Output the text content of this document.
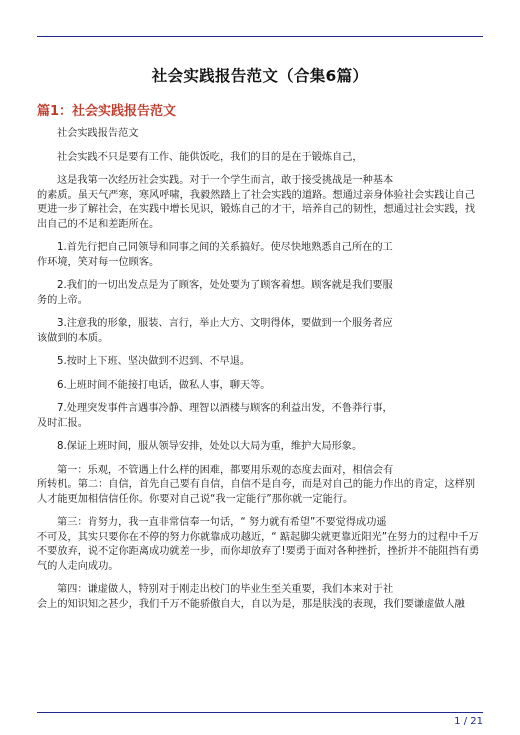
社会实践报告范文（合集6篇）
篇1：社会实践报告范文

社会实践报告范文

社会实践不只是要有工作、能供饭吃，我们的目的是在于锻炼自己，

这是我第一次经历社会实践。对于一个学生而言，敢于接受挑战是一种基本
的素质。虽天气严寒，寒风呼啸，我毅然踏上了社会实践的道路。想通过亲身体验社会实践让自己更进一步了解社会，在实践中增长见识，锻炼自己的才干，培养自己的韧性，想通过社会实践，找出自己的不足和差距所在。

1.首先行把自己同领导和同事之间的关系搞好。使尽快地熟悉自己所在的工
作环境，笑对每一位顾客。

2.我们的一切出发点是为了顾客，处处要为了顾客着想。顾客就是我们要服
务的上帝。

3.注意我的形象，服装、言行，举止大方、文明得体，要做到一个服务者应
该做到的本质。

5.按时上下班、坚决做到不迟到、不早退。

6.上班时间不能接打电话，做私人事，聊天等。

7.处理突发事件言遇事冷静、理智以酒楼与顾客的利益出发，不鲁莽行事，
及时汇报。

8.保证上班时间，服从领导安排，处处以大局为重，维护大局形象。

第一：乐观，不管遇上什么样的困难，都要用乐观的态度去面对，相信会有
所转机。第二：自信，首先自己要有自信，自信不是自夸，而是对自己的能力作出的肯定，这样别人才能更加相信信任你。你要对自己说“我一定能行”那你就一定能行。

第三：肯努力，我一直非常信奉一句话，“ 努力就有希望”不要觉得成功遥
不可及，其实只要你在不停的努力你就靠成功越近，“ 踮起脚尖就更靠近阳光”在努力的过程中千万不要放弃，说不定你距离成功就差一步，而你却放弃了!要勇于面对各种挫折，挫折并不能阻挡有勇气的人走向成功。

第四：谦虚做人，特别对于刚走出校门的毕业生至关重要，我们本来对于社
会上的知识知之甚少，我们千万不能骄傲自大，自以为是，那是肤浅的表现，我们要谦虚做人融

1 / 21
